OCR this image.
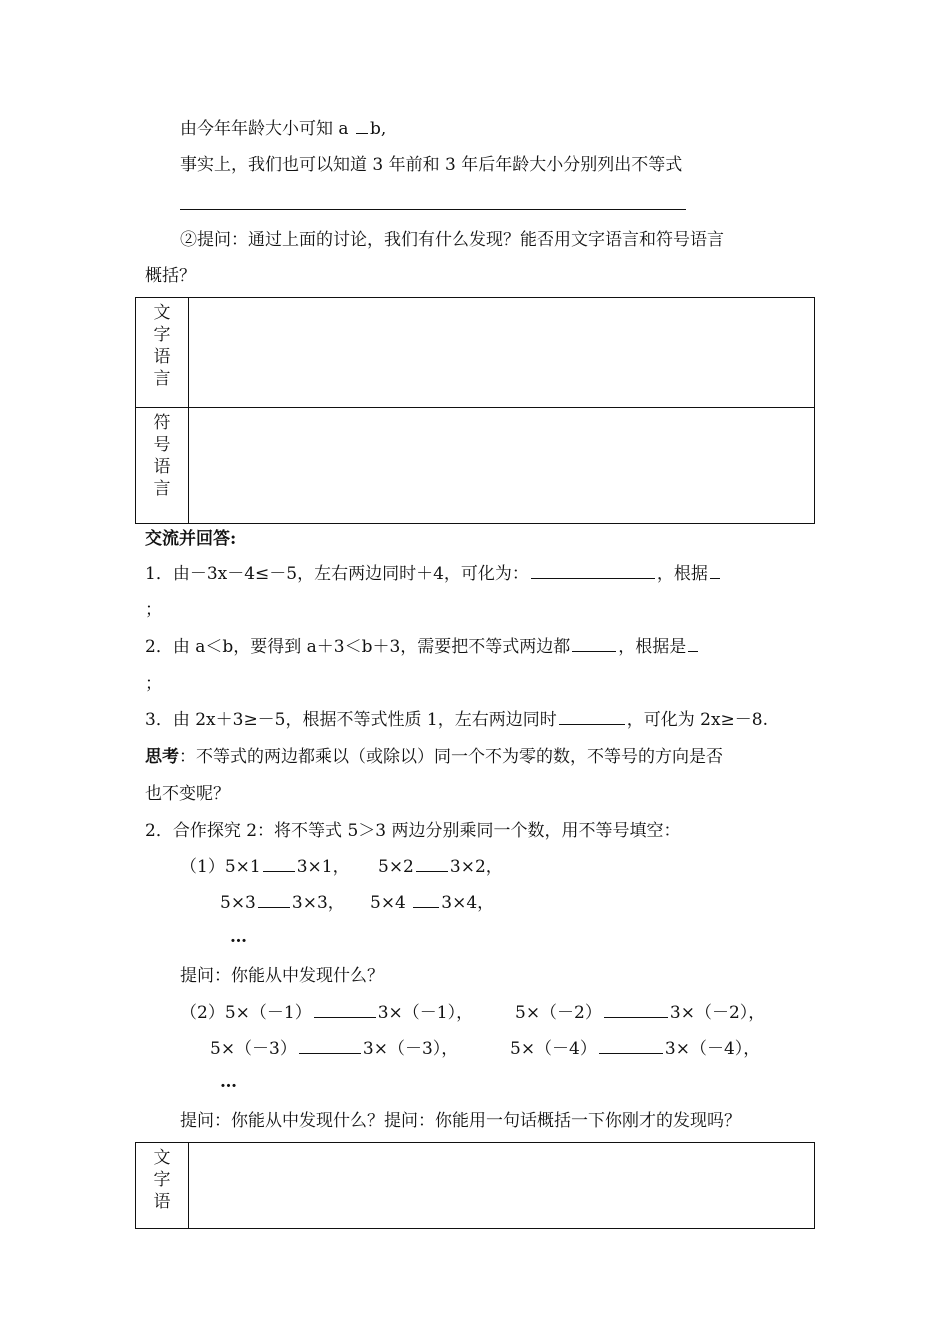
由今年年龄大小可知 a b,
事实上，我们也可以知道 3 年前和 3 年后年龄大小分别列出不等式
②提问：通过上面的讨论，我们有什么发现？能否用文字语言和符号语言
概括？
文字语言	

符号语言	

交流并回答:
1．由－3x－4≤－5，左右两边同时＋4，可化为：	，根据
；
2．由 a＜b，要得到 a＋3＜b＋3，需要把不等式两边都	，根据是
；
3．由 2x＋3≥－5，根据不等式性质 1，左右两边同时	，可化为 2x≥－8.
思考：不等式的两边都乘以（或除以）同一个不为零的数，不等号的方向是否
也不变呢？
2．合作探究 2：将不等式 5＞3 两边分别乘同一个数，用不等号填空：
（1）5×1 3×1， 5×2 3×2，
5×3 3×3， 5×4 3×4，
…
提问：你能从中发现什么？
（2）5×（－1）	3×（－1）， 5×（－2）	3×（－2），
5×（－3）	3×（－3），	5×（－4）	3×（－4），
…
提问：你能从中发现什么？提问：你能用一句话概括一下你刚才的发现吗？
文字语
